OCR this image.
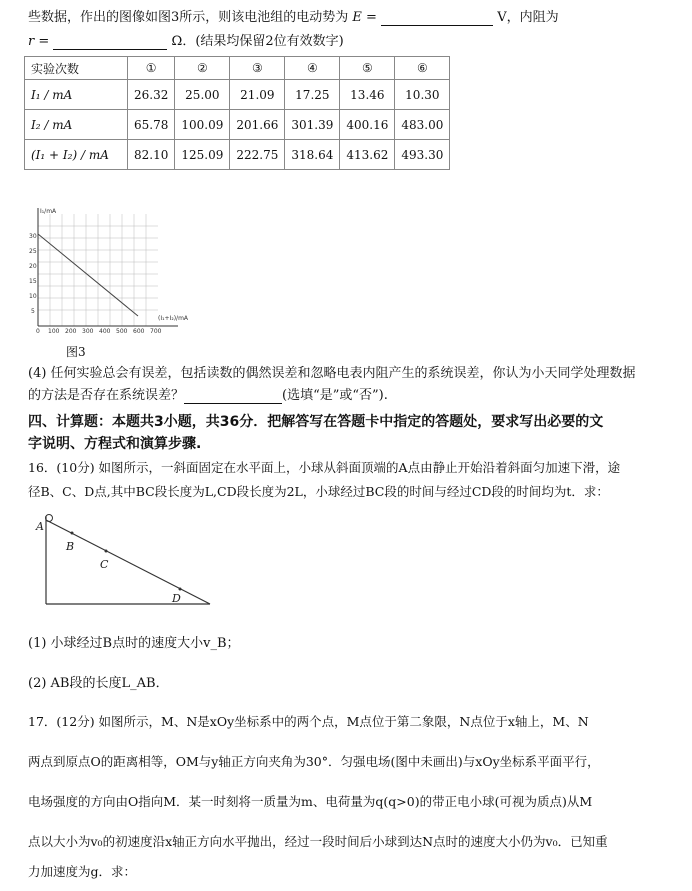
些数据，作出的图像如图3所示，则该电池组的电动势为 E =	V，内阻为
r =	Ω．(结果均保留2位有效数字)
实验次数	①	②	③	④	⑤	⑥
I₁ / mA	26.32	25.00	21.09	17.25	13.46	10.30
I₂ / mA	65.78	100.09	201.66	301.39	400.16	483.00
(I₁ + I₂) / mA	82.10	125.09	222.75	318.64	413.62	493.30
I₁/mA
(I₁+I₂)/mA
30
25
20
15
10
5
0 100 200 300 400 500 600 700
图3
(4) 任何实验总会有误差，包括读数的偶然误差和忽略电表内阻产生的系统误差，你认为小天同学处理数据
的方法是否存在系统误差？	(选填“是”或“否”).
四、计算题：本题共3小题，共36分．把解答写在答题卡中指定的答题处，要求写出必要的文
字说明、方程式和演算步骤.
16．(10分) 如图所示，一斜面固定在水平面上，小球从斜面顶端的A点由静止开始沿着斜面匀加速下滑，途
径B、C、D点,其中BC段长度为L,CD段长度为2L，小球经过BC段的时间与经过CD段的时间均为t．求：
A
B
C
D
(1) 小球经过B点时的速度大小v_B；
(2) AB段的长度L_AB．
17．(12分) 如图所示，M、N是xOy坐标系中的两个点，M点位于第二象限，N点位于x轴上，M、N
两点到原点O的距离相等，OM与y轴正方向夹角为30°．匀强电场(图中未画出)与xOy坐标系平面平行，
电场强度的方向由O指向M．某一时刻将一质量为m、电荷量为q(q>0)的带正电小球(可视为质点)从M
点以大小为v₀的初速度沿x轴正方向水平抛出，经过一段时间后小球到达N点时的速度大小仍为v₀．已知重
力加速度为g．求：
